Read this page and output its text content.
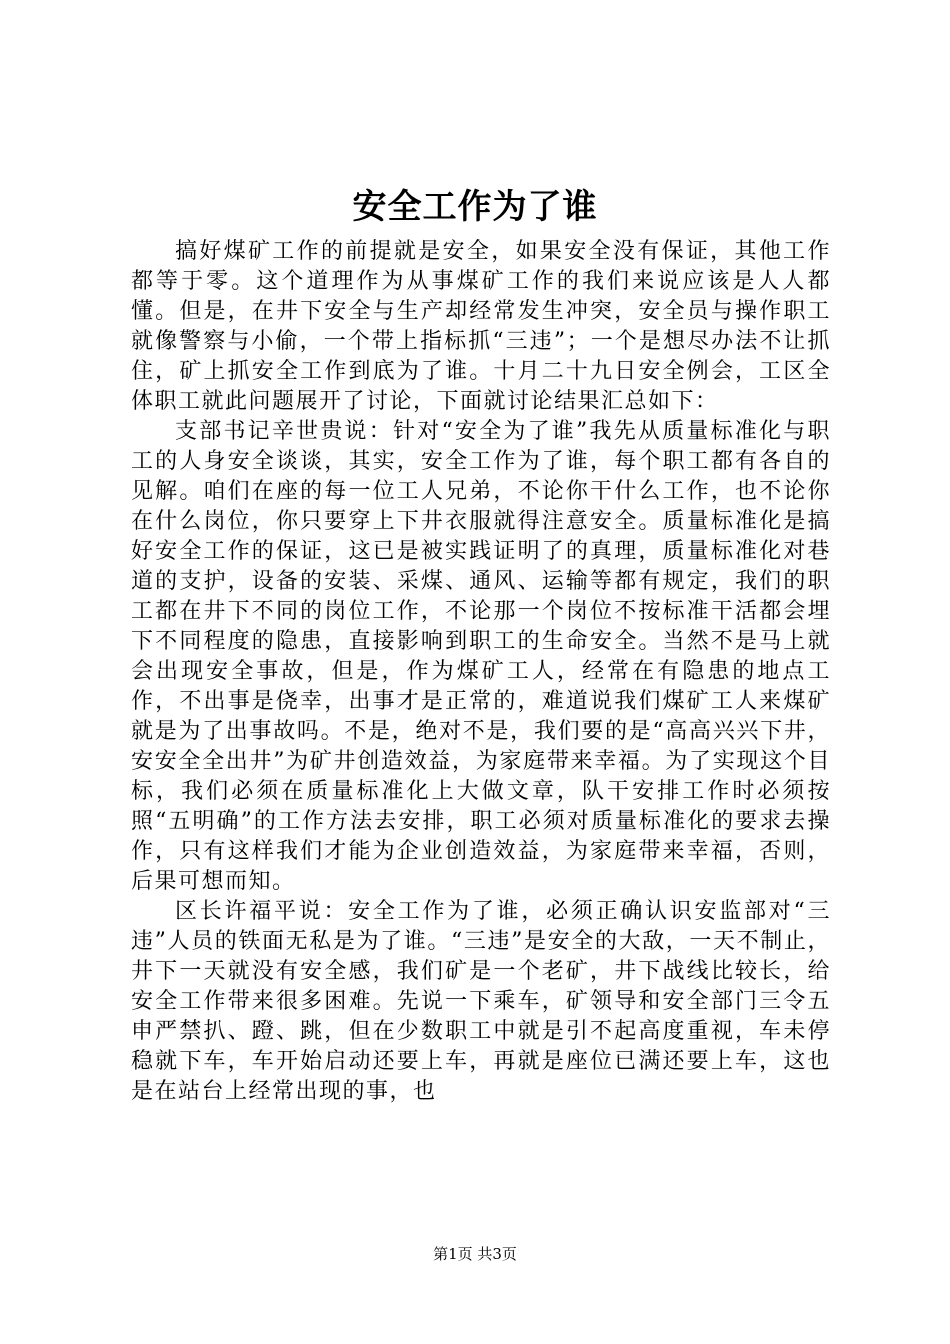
安全工作为了谁

搞好煤矿工作的前提就是安全，如果安全没有保证，其他工作都等于零。这个道理作为从事煤矿工作的我们来说应该是人人都懂。但是，在井下安全与生产却经常发生冲突，安全员与操作职工就像警察与小偷，一个带上指标抓“三违”；一个是想尽办法不让抓住，矿上抓安全工作到底为了谁。十月二十九日安全例会，工区全体职工就此问题展开了讨论，下面就讨论结果汇总如下：

支部书记辛世贵说：针对“安全为了谁”我先从质量标准化与职工的人身安全谈谈，其实，安全工作为了谁，每个职工都有各自的见解。咱们在座的每一位工人兄弟，不论你干什么工作，也不论你在什么岗位，你只要穿上下井衣服就得注意安全。质量标准化是搞好安全工作的保证，这已是被实践证明了的真理，质量标准化对巷道的支护，设备的安装、采煤、通风、运输等都有规定，我们的职工都在井下不同的岗位工作，不论那一个岗位不按标准干活都会埋下不同程度的隐患，直接影响到职工的生命安全。当然不是马上就会出现安全事故，但是，作为煤矿工人，经常在有隐患的地点工作，不出事是侥幸，出事才是正常的，难道说我们煤矿工人来煤矿就是为了出事故吗。不是，绝对不是，我们要的是“高高兴兴下井，安安全全出井”为矿井创造效益，为家庭带来幸福。为了实现这个目标，我们必须在质量标准化上大做文章，队干安排工作时必须按照“五明确”的工作方法去安排，职工必须对质量标准化的要求去操作，只有这样我们才能为企业创造效益，为家庭带来幸福，否则，后果可想而知。

区长许福平说：安全工作为了谁，必须正确认识安监部对“三违”人员的铁面无私是为了谁。“三违”是安全的大敌，一天不制止，井下一天就没有安全感，我们矿是一个老矿，井下战线比较长，给安全工作带来很多困难。先说一下乘车，矿领导和安全部门三令五申严禁扒、蹬、跳，但在少数职工中就是引不起高度重视，车未停稳就下车，车开始启动还要上车，再就是座位已满还要上车，这也是在站台上经常出现的事，也

第1页 共3页
